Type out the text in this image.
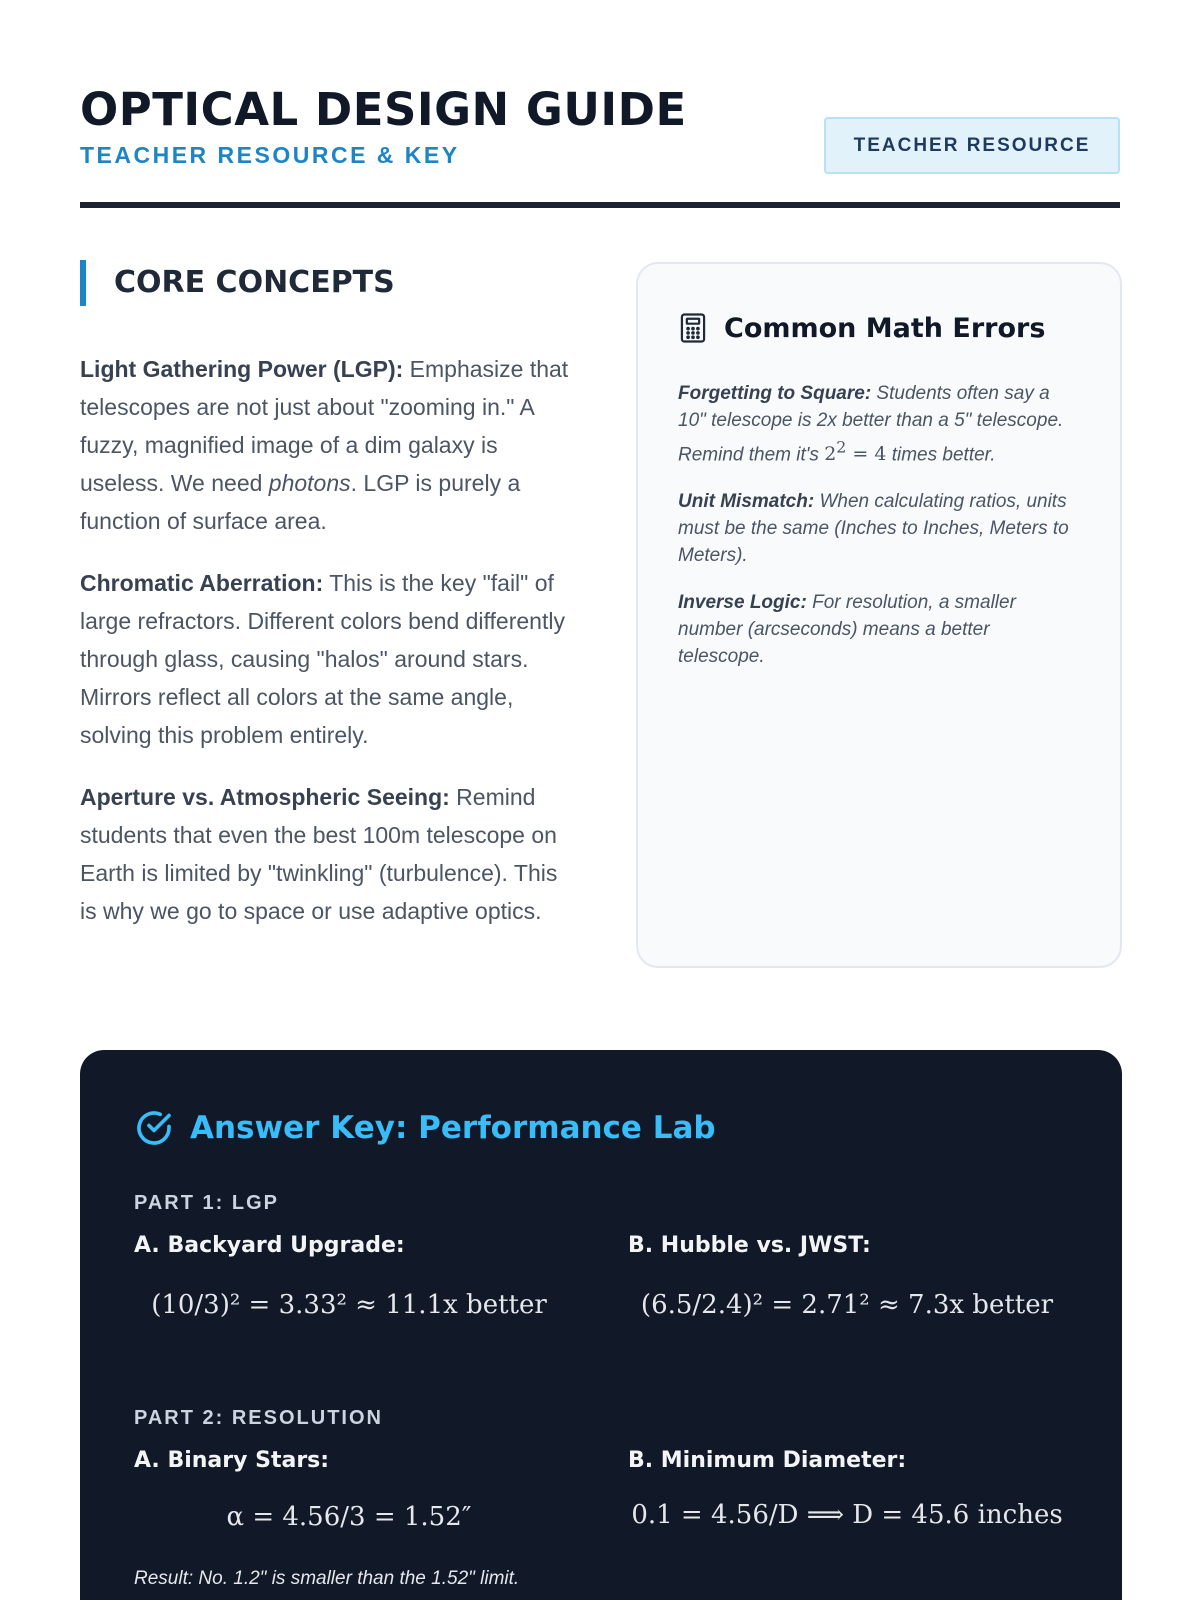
OPTICAL DESIGN GUIDE
TEACHER RESOURCE & KEY	TEACHER RESOURCE
CORE CONCEPTS

Light Gathering Power (LGP): Emphasize that telescopes are not just about "zooming in." A fuzzy, magnified image of a dim galaxy is useless. We need photons. LGP is purely a function of surface area.

Chromatic Aberration: This is the key "fail" of large refractors. Different colors bend differently through glass, causing "halos" around stars. Mirrors reflect all colors at the same angle, solving this problem entirely.

Aperture vs. Atmospheric Seeing: Remind students that even the best 100m telescope on Earth is limited by "twinkling" (turbulence). This is why we go to space or use adaptive optics.

Common Math Errors

Forgetting to Square: Students often say a 10" telescope is 2x better than a 5" telescope. Remind them it's $2^2 = 4$ times better.

Unit Mismatch: When calculating ratios, units must be the same (Inches to Inches, Meters to Meters).

Inverse Logic: For resolution, a smaller number (arcseconds) means a better telescope.

Answer Key: Performance Lab
PART 1: LGP
A. Backyard Upgrade:
(10/3)² = 3.33² ≈ 11.1x better
B. Hubble vs. JWST:
(6.5/2.4)² = 2.71² ≈ 7.3x better
PART 2: RESOLUTION
A. Binary Stars:
α = 4.56/3 = 1.52″
B. Minimum Diameter:
0.1 = 4.56/D ⟹ D = 45.6 inches
Result: No. 1.2" is smaller than the 1.52" limit.
